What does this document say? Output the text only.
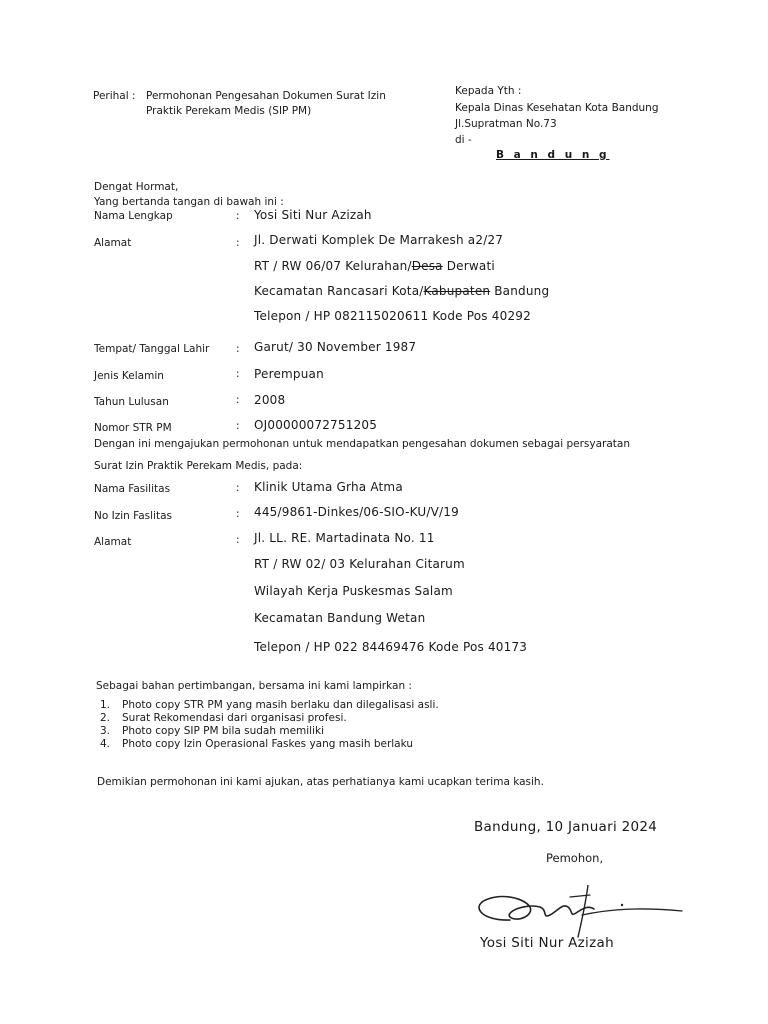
Perihal : Permohonan Pengesahan Dokumen Surat Izin
Praktik Perekam Medis (SIP PM)
Kepada Yth :
Kepala Dinas Kesehatan Kota Bandung
Jl.Supratman No.73
di -
B a n d u n g
Dengat Hormat,
Yang bertanda tangan di bawah ini :
Nama Lengkap	: Yosi Siti Nur Azizah
Alamat	: Jl. Derwati Komplek De Marrakesh a2/27
RT / RW 06/07 Kelurahan/Desa Derwati
Kecamatan Rancasari Kota/Kabupaten Bandung
Telepon / HP 082115020611 Kode Pos 40292
Tempat/ Tanggal Lahir	: Garut/ 30 November 1987
Jenis Kelamin	: Perempuan
Tahun Lulusan	: 2008
Nomor STR PM	: OJ00000072751205
Dengan ini mengajukan permohonan untuk mendapatkan pengesahan dokumen sebagai persyaratan
Surat Izin Praktik Perekam Medis, pada:
Nama Fasilitas	: Klinik Utama Grha Atma
No Izin Faslitas	: 445/9861-Dinkes/06-SIO-KU/V/19
Alamat	: Jl. LL. RE. Martadinata No. 11
RT / RW 02/ 03 Kelurahan Citarum
Wilayah Kerja Puskesmas Salam
Kecamatan Bandung Wetan
Telepon / HP 022 84469476 Kode Pos 40173
Sebagai bahan pertimbangan, bersama ini kami lampirkan :
1. Photo copy STR PM yang masih berlaku dan dilegalisasi asli.
2. Surat Rekomendasi dari organisasi profesi.
3. Photo copy SIP PM bila sudah memiliki
4. Photo copy Izin Operasional Faskes yang masih berlaku
Demikian permohonan ini kami ajukan, atas perhatianya kami ucapkan terima kasih.
Bandung, 10 Januari 2024
Pemohon,
Yosi Siti Nur Azizah
